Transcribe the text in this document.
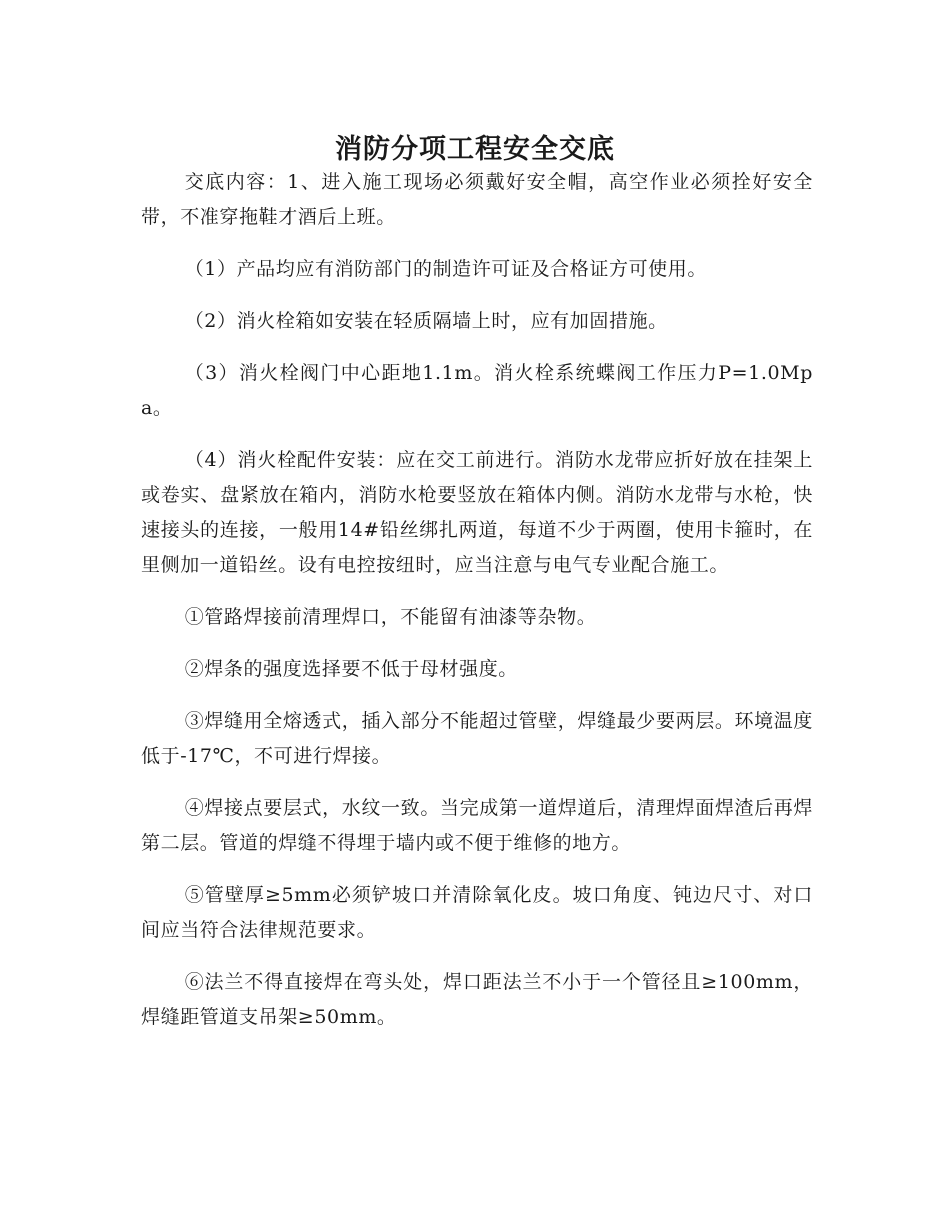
消防分项工程安全交底

交底内容：1、进入施工现场必须戴好安全帽，高空作业必须拴好安全带，不准穿拖鞋才酒后上班。

（1）产品均应有消防部门的制造许可证及合格证方可使用。

（2）消火栓箱如安装在轻质隔墙上时，应有加固措施。

（3）消火栓阀门中心距地1.1m。消火栓系统蝶阀工作压力P=1.0Mpa。

（4）消火栓配件安装：应在交工前进行。消防水龙带应折好放在挂架上或卷实、盘紧放在箱内，消防水枪要竖放在箱体内侧。消防水龙带与水枪，快速接头的连接，一般用14#铅丝绑扎两道，每道不少于两圈，使用卡箍时，在里侧加一道铅丝。设有电控按纽时，应当注意与电气专业配合施工。

①管路焊接前清理焊口，不能留有油漆等杂物。

②焊条的强度选择要不低于母材强度。

③焊缝用全熔透式，插入部分不能超过管壁，焊缝最少要两层。环境温度低于-17℃，不可进行焊接。

④焊接点要层式，水纹一致。当完成第一道焊道后，清理焊面焊渣后再焊第二层。管道的焊缝不得埋于墙内或不便于维修的地方。

⑤管壁厚≥5mm必须铲坡口并清除氧化皮。坡口角度、钝边尺寸、对口间应当符合法律规范要求。

⑥法兰不得直接焊在弯头处，焊口距法兰不小于一个管径且≥100mm，焊缝距管道支吊架≥50mm。
